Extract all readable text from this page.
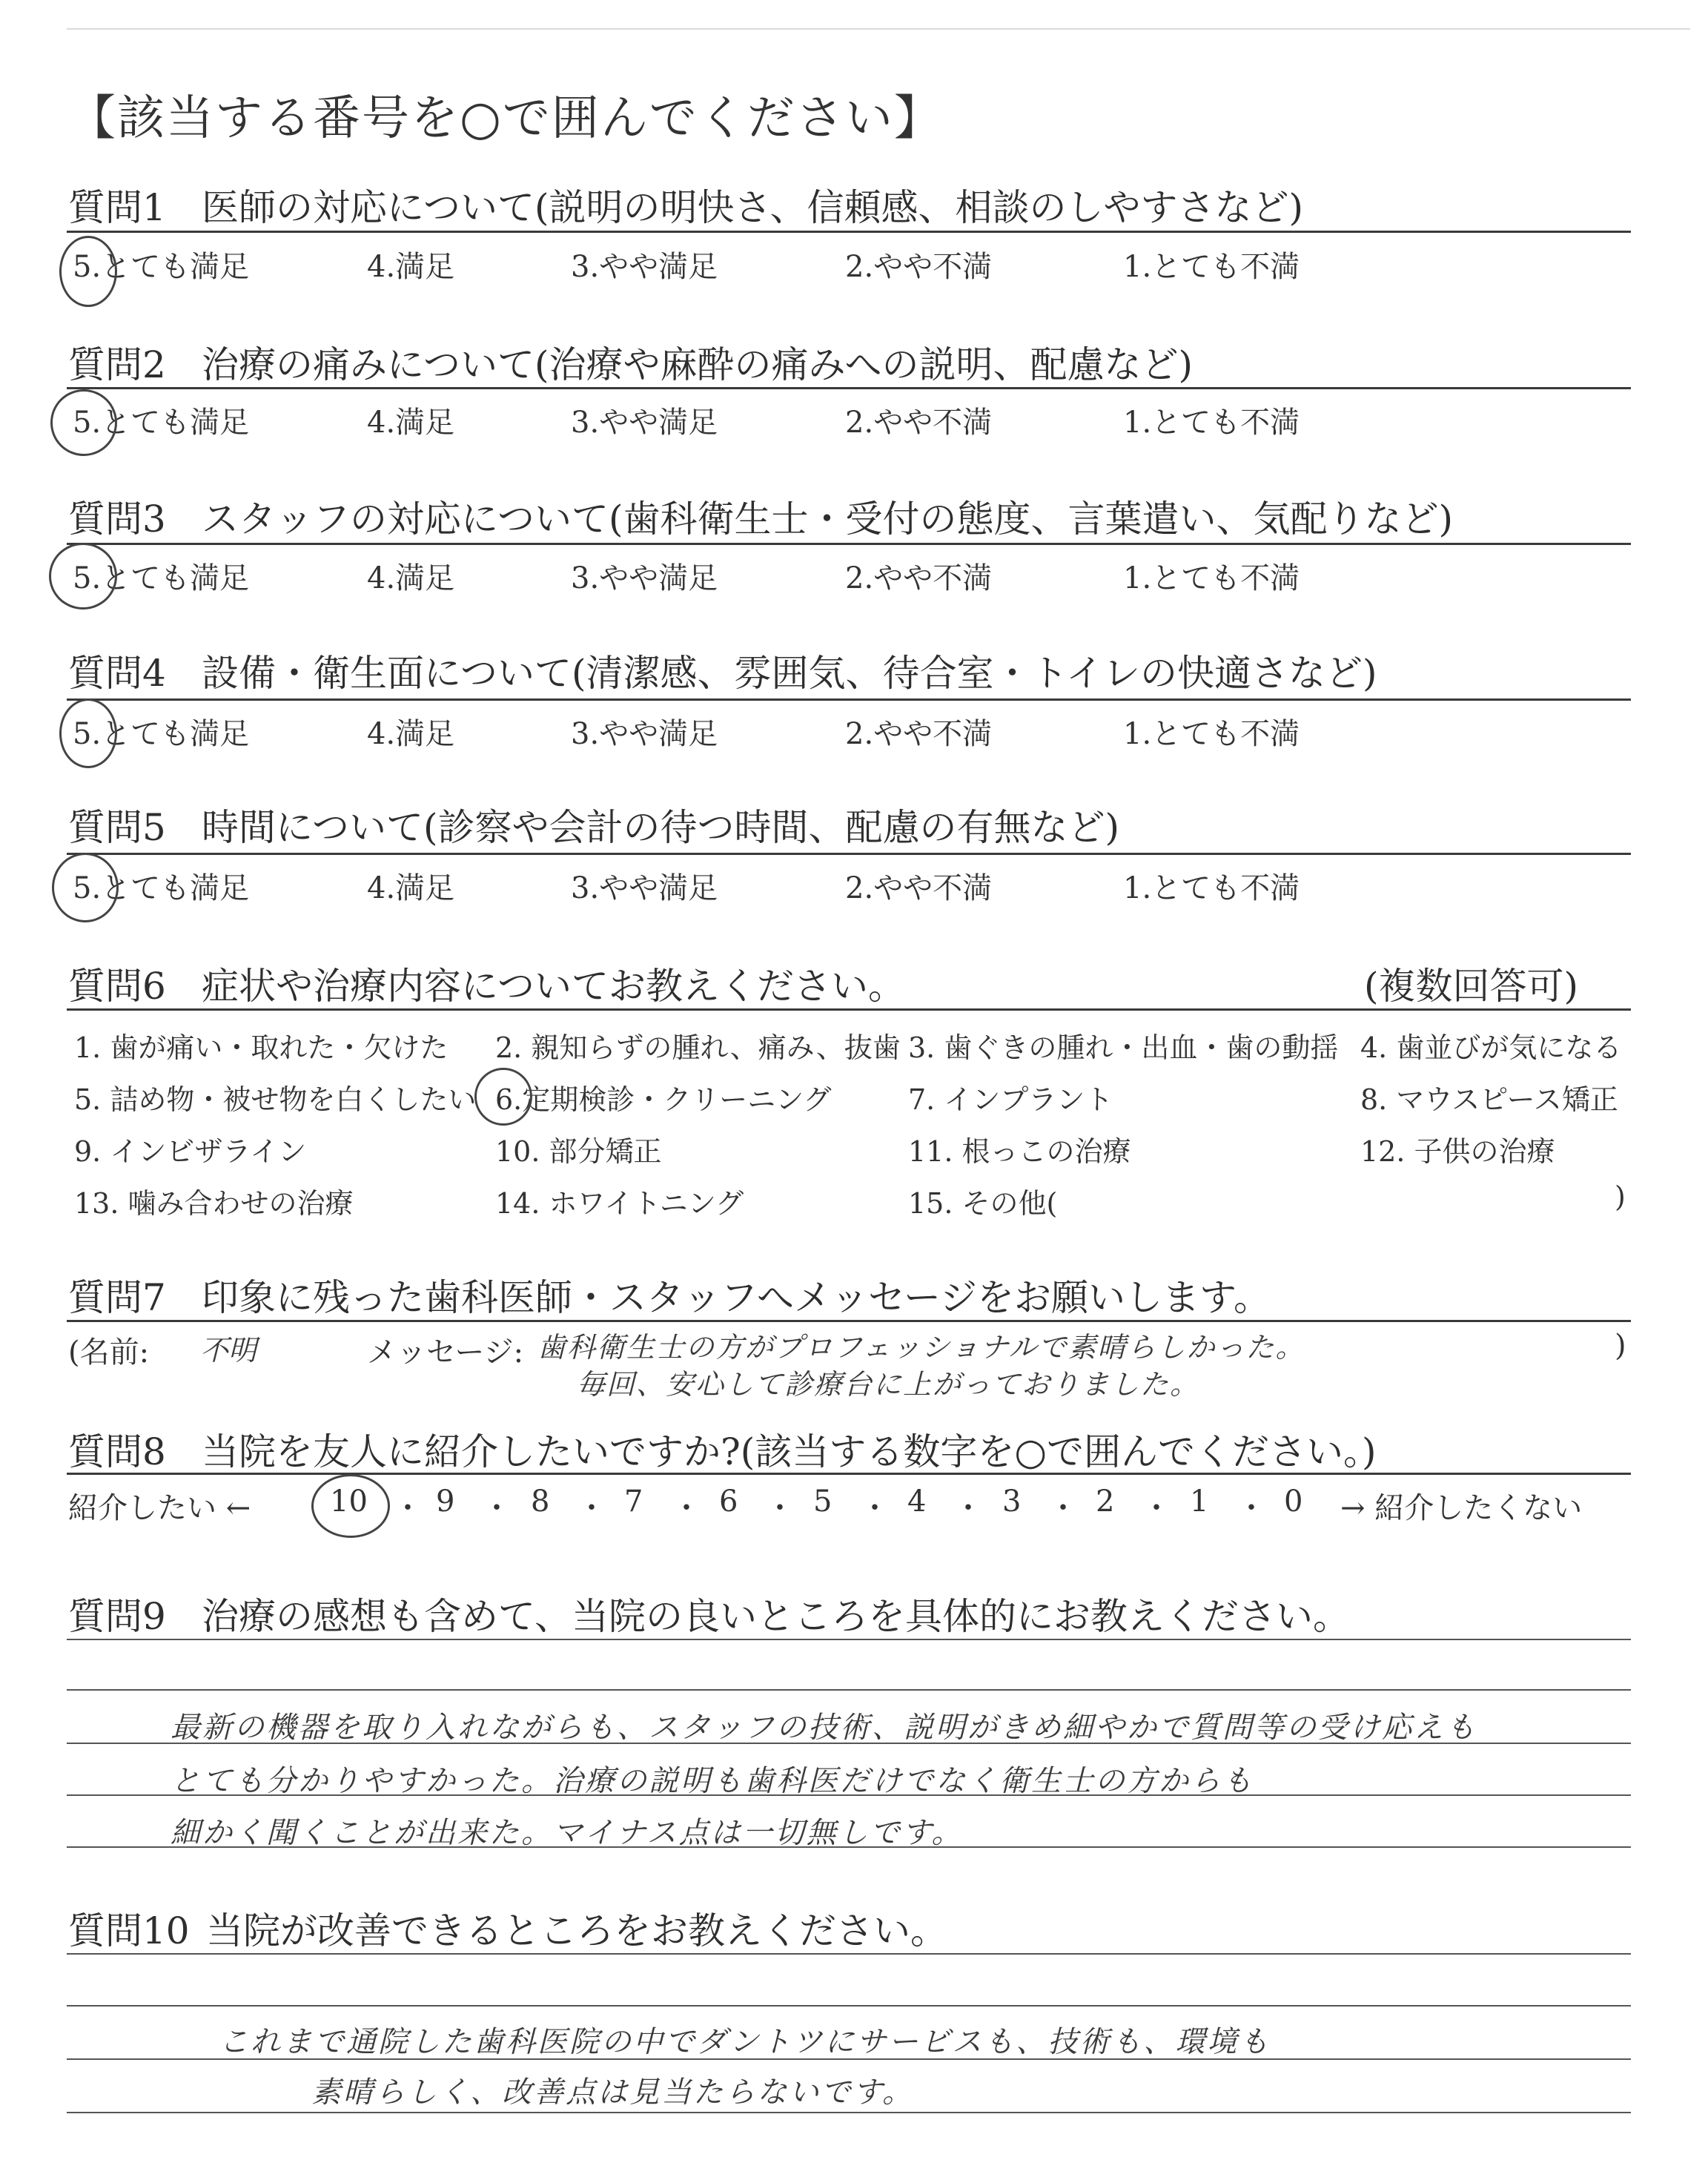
【該当する番号を○で囲んでください】
質問1 医師の対応について(説明の明快さ、信頼感、相談のしやすさなど)
5.とても満足	4.満足	3.やや満足	2.やや不満	1.とても不満
質問2 治療の痛みについて(治療や麻酔の痛みへの説明、配慮など)
5.とても満足	4.満足	3.やや満足	2.やや不満	1.とても不満
質問3 スタッフの対応について(歯科衛生士・受付の態度、言葉遣い、気配りなど)
5.とても満足	4.満足	3.やや満足	2.やや不満	1.とても不満
質問4 設備・衛生面について(清潔感、雰囲気、待合室・トイレの快適さなど)
5.とても満足	4.満足	3.やや満足	2.やや不満	1.とても不満
質問5 時間について(診察や会計の待つ時間、配慮の有無など)
5.とても満足	4.満足	3.やや満足	2.やや不満	1.とても不満
質問6 症状や治療内容についてお教えください。	(複数回答可)
1. 歯が痛い・取れた・欠けた 2. 親知らずの腫れ、痛み、抜歯 3. 歯ぐきの腫れ・出血・歯の動揺 4. 歯並びが気になる
5. 詰め物・被せ物を白くしたい 6.定期検診・クリーニング	7. インプラント	8. マウスピース矯正
9. インビザライン	10. 部分矯正	11. 根っこの治療	12. 子供の治療
13. 噛み合わせの治療	14. ホワイトニング	15. その他(	)
質問7 印象に残った歯科医師・スタッフへメッセージをお願いします。
(名前: 不明	メッセージ: 歯科衛生士の方がプロフェッショナルで素晴らしかった。
毎回、安心して診療台に上がっておりました。
)
質問8 当院を友人に紹介したいですか?(該当する数字を○で囲んでください。)
紹介したい ←	10 ・ 9 ・ 8 ・ 7 ・ 6 ・ 5 ・ 4 ・ 3 ・ 2 ・ 1 ・ 0 → 紹介したくない
質問9 治療の感想も含めて、当院の良いところを具体的にお教えください。
最新の機器を取り入れながらも、スタッフの技術、説明がきめ細やかで質問等の受け応えも
とても分かりやすかった。治療の説明も歯科医だけでなく衛生士の方からも
細かく聞くことが出来た。マイナス点は一切無しです。
質問10 当院が改善できるところをお教えください。
これまで通院した歯科医院の中でダントツにサービスも、技術も、環境も
素晴らしく、改善点は見当たらないです。
